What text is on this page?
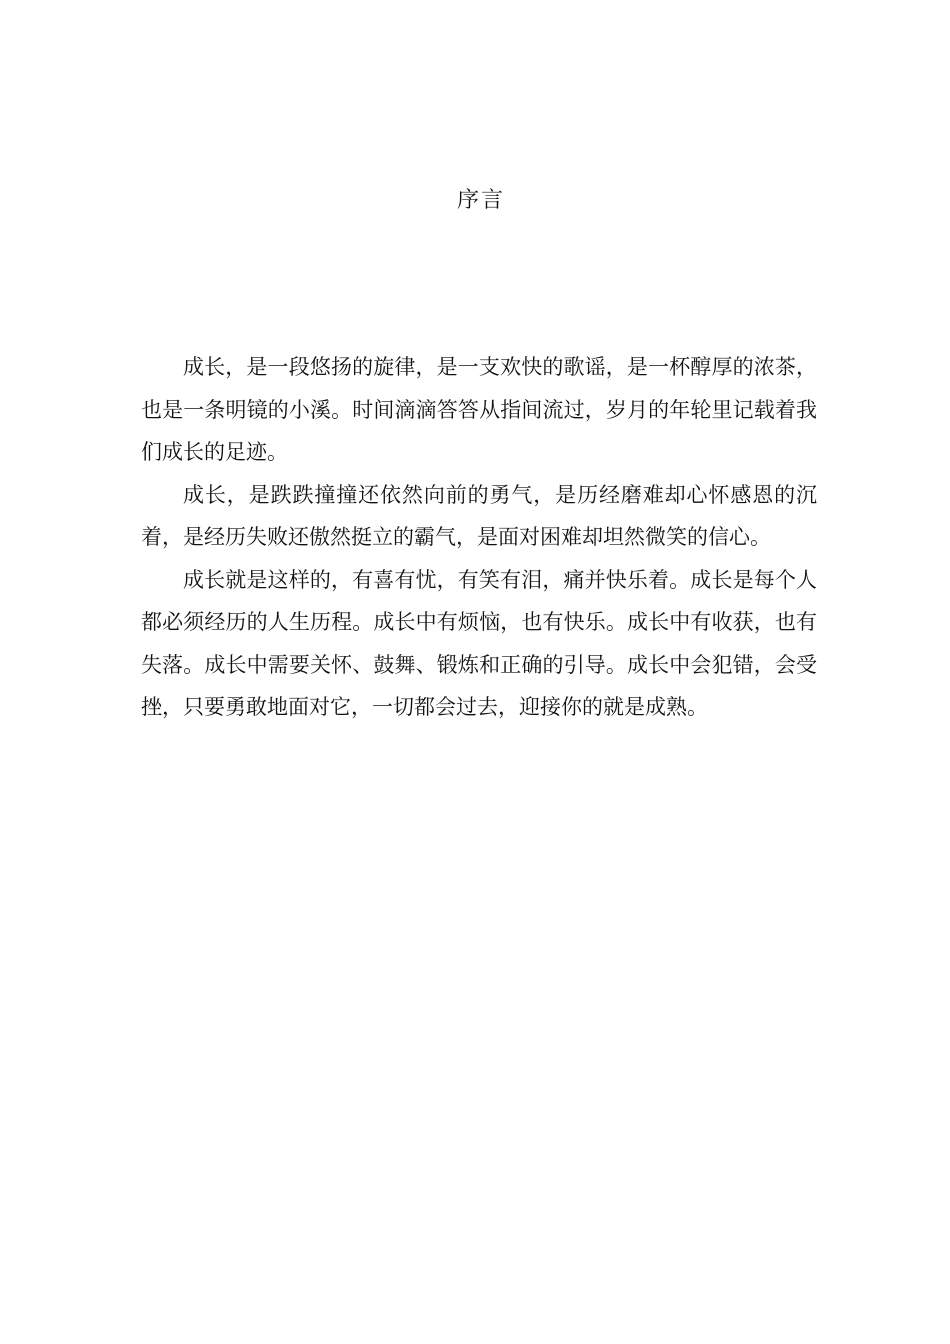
序言

成长，是一段悠扬的旋律，是一支欢快的歌谣，是一杯醇厚的浓茶，也是一条明镜的小溪。时间滴滴答答从指间流过，岁月的年轮里记载着我们成长的足迹。

成长，是跌跌撞撞还依然向前的勇气，是历经磨难却心怀感恩的沉着，是经历失败还傲然挺立的霸气，是面对困难却坦然微笑的信心。

成长就是这样的，有喜有忧，有笑有泪，痛并快乐着。成长是每个人都必须经历的人生历程。成长中有烦恼，也有快乐。成长中有收获，也有失落。成长中需要关怀、鼓舞、锻炼和正确的引导。成长中会犯错，会受挫，只要勇敢地面对它，一切都会过去，迎接你的就是成熟。
